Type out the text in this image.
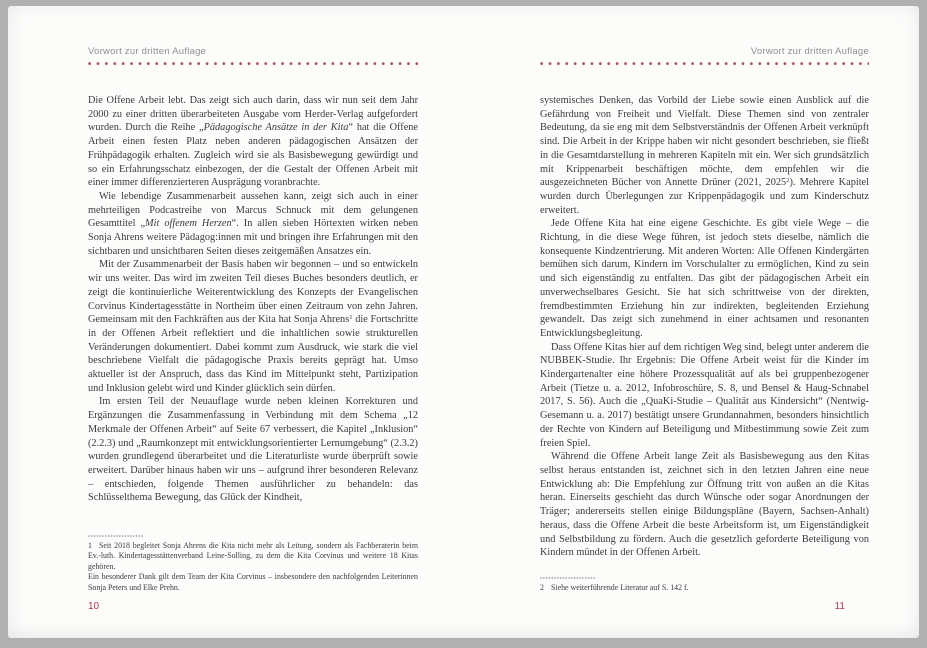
Vorwort zur dritten Auflage

Die Offene Arbeit lebt. Das zeigt sich auch darin, dass wir nun seit dem Jahr 2000 zu einer dritten überarbeiteten Ausgabe vom Herder-Verlag aufgefordert wurden. Durch die Reihe „Pädagogische Ansätze in der Kita“ hat die Offene Arbeit einen festen Platz neben anderen pädagogischen Ansätzen der Frühpädagogik erhalten. Zugleich wird sie als Basisbewegung gewürdigt und so ein Erfahrungsschatz einbezogen, der die Gestalt der Offenen Arbeit mit einer immer differenzierteren Ausprägung voranbrachte.

Wie lebendige Zusammenarbeit aussehen kann, zeigt sich auch in einer mehrteiligen Podcastreihe von Marcus Schnuck mit dem gelungenen Gesamttitel „Mit offenem Herzen“. In allen sieben Hörtexten wirken neben Sonja Ahrens weitere Pädagog:innen mit und bringen ihre Erfahrungen mit den sichtbaren und unsichtbaren Seiten dieses zeitgemäßen Ansatzes ein.

Mit der Zusammenarbeit der Basis haben wir begonnen – und so entwickeln wir uns weiter. Das wird im zweiten Teil dieses Buches besonders deutlich, er zeigt die kontinuierliche Weiterentwicklung des Konzepts der Evangelischen Corvinus Kindertagesstätte in Northeim über einen Zeitraum von zehn Jahren. Gemeinsam mit den Fachkräften aus der Kita hat Sonja Ahrens$^1$ die Fortschritte in der Offenen Arbeit reflektiert und die inhaltlichen sowie strukturellen Veränderungen dokumentiert. Dabei kommt zum Ausdruck, wie stark die viel beschriebene Vielfalt die pädagogische Praxis bereits geprägt hat. Umso aktueller ist der Anspruch, dass das Kind im Mittelpunkt steht, Partizipation und Inklusion gelebt wird und Kinder glücklich sein dürfen.

Im ersten Teil der Neuauflage wurde neben kleinen Korrekturen und Ergänzungen die Zusammenfassung in Verbindung mit dem Schema „12 Merkmale der Offenen Arbeit“ auf Seite 67 verbessert, die Kapitel „Inklusion“ (2.2.3) und „Raumkonzept mit entwicklungsorientierter Lernumgebung“ (2.3.2) wurden grundlegend überarbeitet und die Literaturliste wurde überprüft sowie erweitert. Darüber hinaus haben wir uns – aufgrund ihrer besonderen Relevanz – entschieden, folgende Themen ausführlicher zu behandeln: das Schlüsselthema Bewegung, das Glück der Kindheit,

1 Seit 2018 begleitet Sonja Ahrens die Kita nicht mehr als Leitung, sondern als Fachberaterin beim Ev.-luth. Kindertagesstättenverband Leine-Solling, zu dem die Kita Corvinus und weitere 18 Kitas gehören.

Ein besonderer Dank gilt dem Team der Kita Corvinus – insbesondere den nachfolgenden Leiterinnen Sonja Peters und Elke Prehn.

10
Vorwort zur dritten Auflage

systemisches Denken, das Vorbild der Liebe sowie einen Ausblick auf die Gefährdung von Freiheit und Vielfalt. Diese Themen sind von zentraler Bedeutung, da sie eng mit dem Selbstverständnis der Offenen Arbeit verknüpft sind. Die Arbeit in der Krippe haben wir nicht gesondert beschrieben, sie fließt in die Gesamtdarstellung in mehreren Kapiteln mit ein. Wer sich grundsätzlich mit Krippenarbeit beschäftigen möchte, dem empfehlen wir die ausgezeichneten Bücher von Annette Drüner (2021, 2025$^2$). Mehrere Kapitel wurden durch Überlegungen zur Krippenpädagogik und zum Kinderschutz erweitert.

Jede Offene Kita hat eine eigene Geschichte. Es gibt viele Wege – die Richtung, in die diese Wege führen, ist jedoch stets dieselbe, nämlich die konsequente Kindzentrierung. Mit anderen Worten: Alle Offenen Kindergärten bemühen sich darum, Kindern im Vorschulalter zu ermöglichen, Kind zu sein und sich eigenständig zu entfalten. Das gibt der pädagogischen Arbeit ein unverwechselbares Gesicht. Sie hat sich schrittweise von der direkten, fremdbestimmten Erziehung hin zur indirekten, begleitenden Erziehung gewandelt. Das zeigt sich zunehmend in einer achtsamen und resonanten Entwicklungsbegleitung.

Dass Offene Kitas hier auf dem richtigen Weg sind, belegt unter anderem die NUBBEK-Studie. Ihr Ergebnis: Die Offene Arbeit weist für die Kinder im Kindergartenalter eine höhere Prozessqualität auf als bei gruppenbezogener Arbeit (Tietze u. a. 2012, Infobroschüre, S. 8, und Bensel & Haug-Schnabel 2017, S. 56). Auch die „QuaKi-Studie – Qualität aus Kindersicht“ (Nentwig-Gesemann u. a. 2017) bestätigt unsere Grundannahmen, besonders hinsichtlich der Rechte von Kindern auf Beteiligung und Mitbestimmung sowie Zeit zum freien Spiel.

Während die Offene Arbeit lange Zeit als Basisbewegung aus den Kitas selbst heraus entstanden ist, zeichnet sich in den letzten Jahren eine neue Entwicklung ab: Die Empfehlung zur Öffnung tritt von außen an die Kitas heran. Einerseits geschieht das durch Wünsche oder sogar Anordnungen der Träger; andererseits stellen einige Bildungspläne (Bayern, Sachsen-Anhalt) heraus, dass die Offene Arbeit die beste Arbeitsform ist, um Eigenständigkeit und Selbstbildung zu fördern. Auch die gesetzlich geforderte Beteiligung von Kindern mündet in der Offenen Arbeit.

2 Siehe weiterführende Literatur auf S. 142 f.

11
